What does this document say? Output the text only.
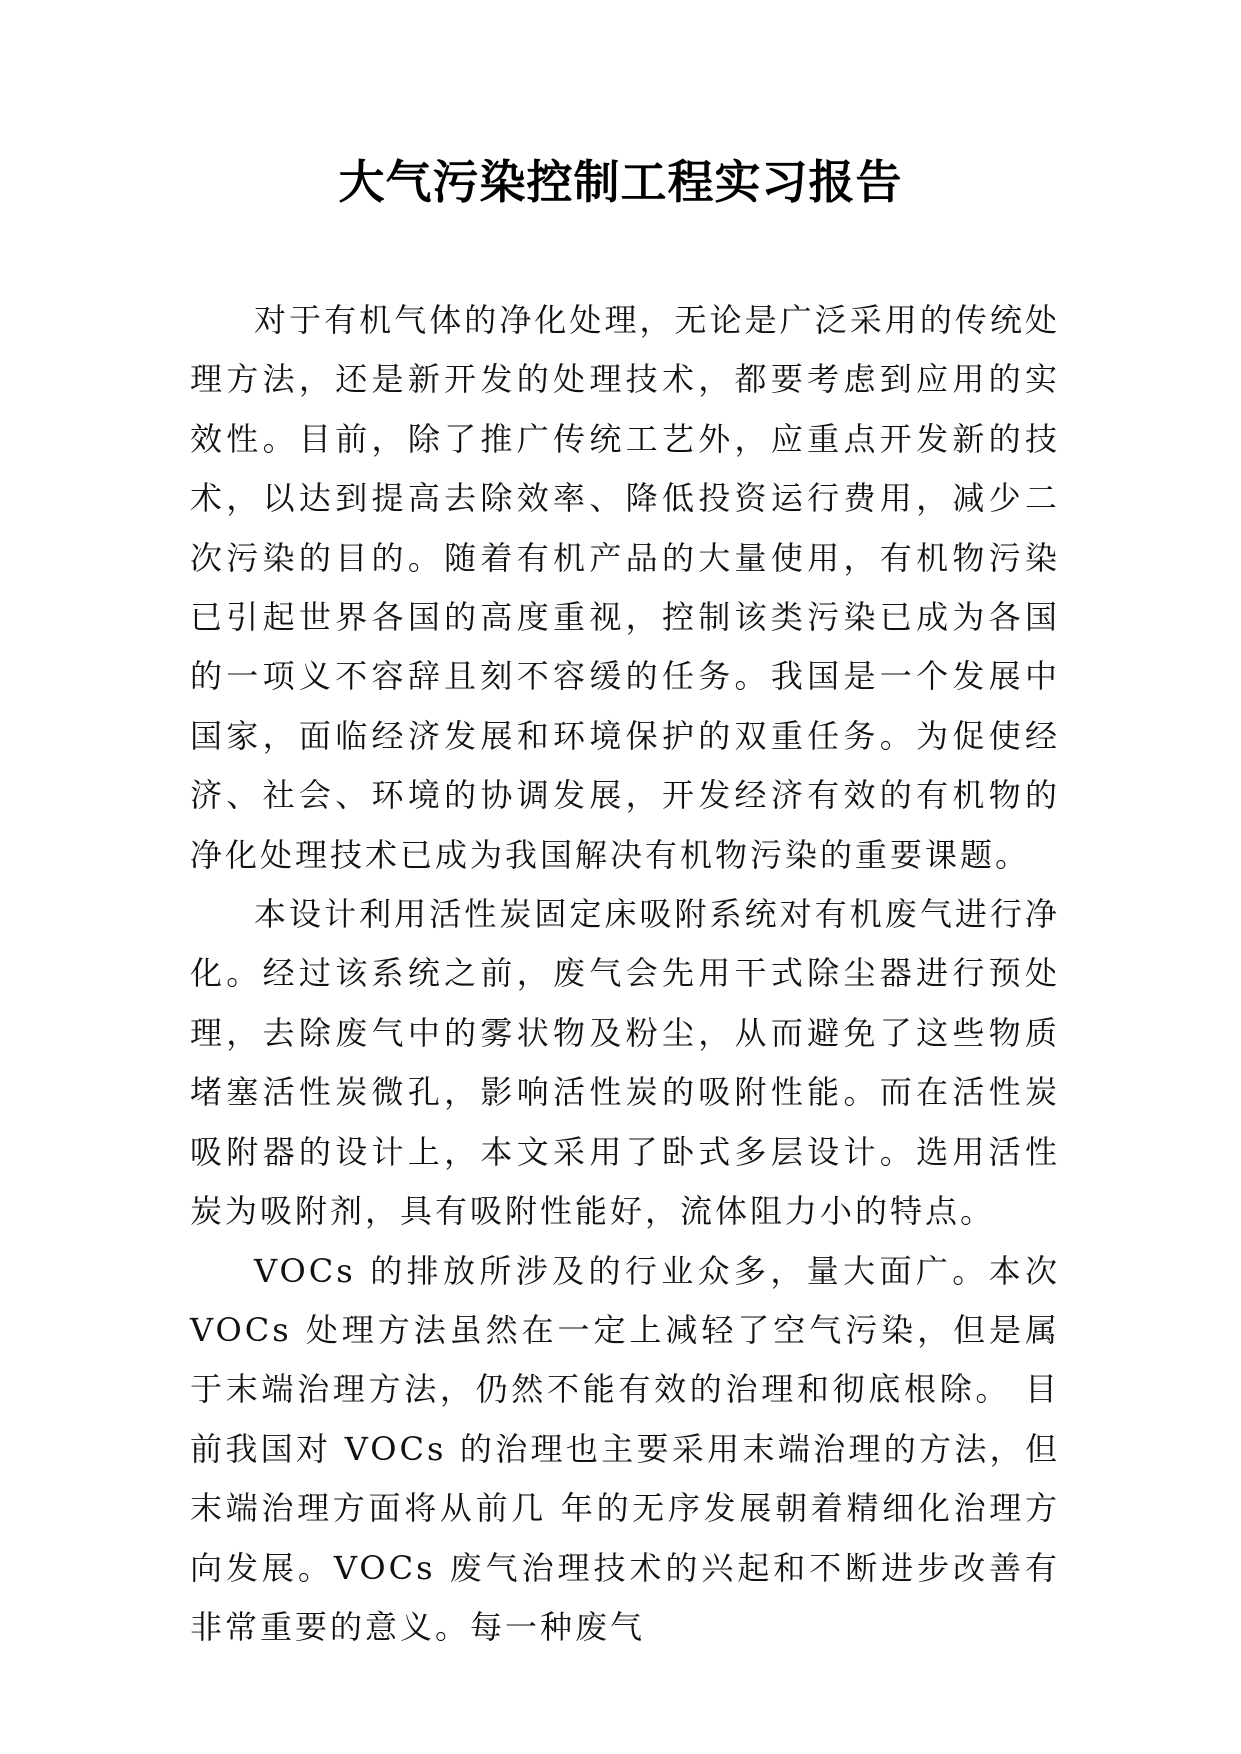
大气污染控制工程实习报告

对于有机气体的净化处理，无论是广泛采用的传统处理方法，还是新开发的处理技术，都要考虑到应用的实效性。目前，除了推广传统工艺外，应重点开发新的技术，以达到提高去除效率、降低投资运行费用，减少二次污染的目的。随着有机产品的大量使用，有机物污染已引起世界各国的高度重视，控制该类污染已成为各国的一项义不容辞且刻不容缓的任务。我国是一个发展中国家，面临经济发展和环境保护的双重任务。为促使经济、社会、环境的协调发展，开发经济有效的有机物的净化处理技术已成为我国解决有机物污染的重要课题。

本设计利用活性炭固定床吸附系统对有机废气进行净化。经过该系统之前，废气会先用干式除尘器进行预处理，去除废气中的雾状物及粉尘，从而避免了这些物质堵塞活性炭微孔，影响活性炭的吸附性能。而在活性炭吸附器的设计上，本文采用了卧式多层设计。选用活性炭为吸附剂，具有吸附性能好，流体阻力小的特点。

VOCs 的排放所涉及的行业众多，量大面广。本次 VOCs 处理方法虽然在一定上减轻了空气污染，但是属于末端治理方法，仍然不能有效的治理和彻底根除。 目前我国对 VOCs 的治理也主要采用末端治理的方法，但末端治理方面将从前几 年的无序发展朝着精细化治理方向发展。VOCs 废气治理技术的兴起和不断进步改善有非常重要的意义。每一种废气
